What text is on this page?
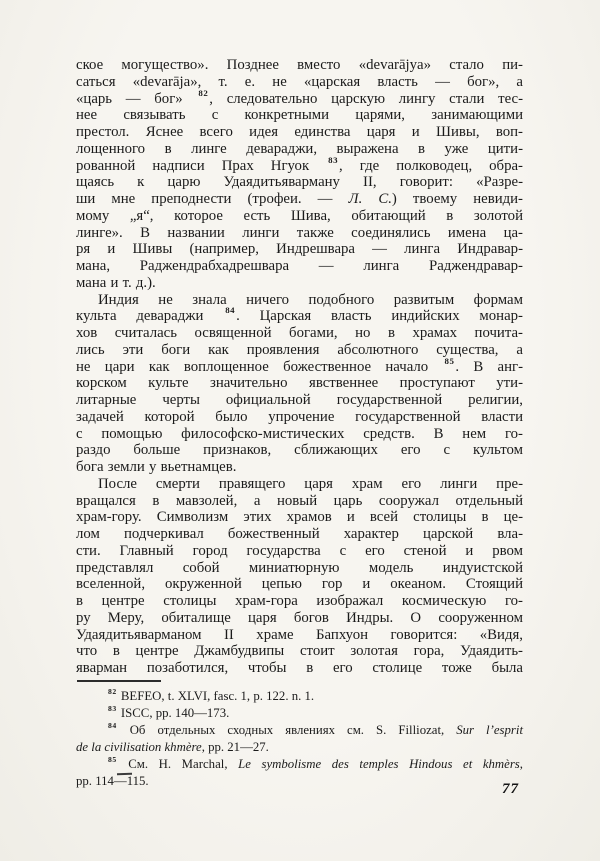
ское могущество». Позднее вместо «devarājya» стало пи-
саться «devarāja», т. е. не «царская власть — бог», а
«царь — бог» $^{82}$, следовательно царскую лингу стали тес-
нее связывать с конкретными царями, занимающими
престол. Яснее всего идея единства царя и Шивы, воп-
лощенного в линге девараджи, выражена в уже цити-
рованной надписи Прах Нгуок $^{83}$, где полководец, обра-
щаясь к царю Удаядитьяварману II, говорит: «Разре-
ши мне преподнести (трофеи. — Л. С.) твоему невиди-
мому „я“, которое есть Шива, обитающий в золотой
линге». В названии линги также соединялись имена ца-
ря и Шивы (например, Индрешвара — линга Индравар-
мана, Раджендрабхадрешвара — линга Раджендравар-
мана и т. д.).
Индия не знала ничего подобного развитым формам
культа девараджи $^{84}$. Царская власть индийских монар-
хов считалась освященной богами, но в храмах почита-
лись эти боги как проявления абсолютного существа, а
не цари как воплощенное божественное начало $^{85}$. В анг-
корском культе значительно явственнее проступают ути-
литарные черты официальной государственной религии,
задачей которой было упрочение государственной власти
с помощью философско-мистических средств. В нем го-
раздо больше признаков, сближающих его с культом
бога земли у вьетнамцев.
После смерти правящего царя храм его линги пре-
вращался в мавзолей, а новый царь сооружал отдельный
храм-гору. Символизм этих храмов и всей столицы в це-
лом подчеркивал божественный характер царской вла-
сти. Главный город государства с его стеной и рвом
представлял собой миниатюрную модель индуистской
вселенной, окруженной цепью гор и океаном. Стоящий
в центре столицы храм-гора изображал космическую го-
ру Меру, обиталище царя богов Индры. О сооруженном
Удаядитьяварманом II храме Бапхуон говорится: «Видя,
что в центре Джамбудвипы стоит золотая гора, Удаядить-
яварман позаботился, чтобы в его столице тоже была
$^{82}$ BEFEO, t. XLVI, fasc. 1, p. 122. n. 1.
$^{83}$ ISCC, pp. 140—173.
$^{84}$ Об отдельных сходных явлениях см. S. Filliozat, Sur l’esprit
de la civilisation khmère, pp. 21—27.
$^{85}$ См. H. Marchal, Le symbolisme des temples Hindous et khmèrs,
pp. 114—115.
77
